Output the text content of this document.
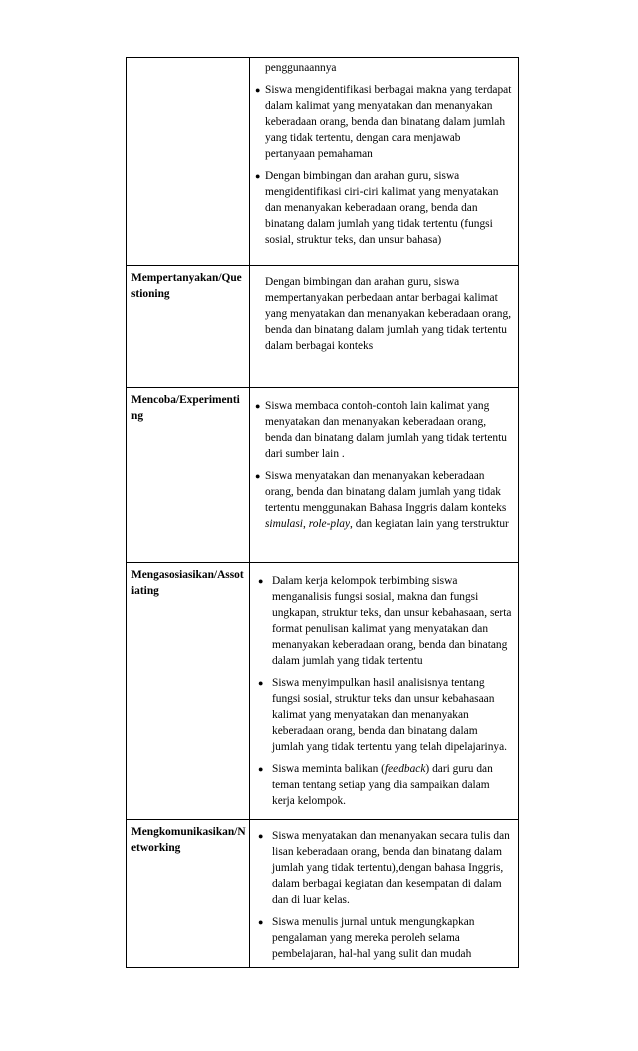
penggunaannya
● Siswa mengidentifikasi berbagai makna yang terdapat dalam kalimat yang menyatakan dan menanyakan keberadaan orang, benda dan binatang dalam jumlah yang tidak tertentu, dengan cara menjawab pertanyaan pemahaman
● Dengan bimbingan dan arahan guru, siswa mengidentifikasi ciri-ciri kalimat yang menyatakan dan menanyakan keberadaan orang, benda dan binatang dalam jumlah yang tidak tertentu (fungsi sosial, struktur teks, dan unsur bahasa)
Mempertanyakan/Questioning
Dengan bimbingan dan arahan guru, siswa mempertanyakan perbedaan antar berbagai kalimat yang menyatakan dan menanyakan keberadaan orang, benda dan binatang dalam jumlah yang tidak tertentu dalam berbagai konteks
Mencoba/Experimenting
● Siswa membaca contoh-contoh lain kalimat yang menyatakan dan menanyakan keberadaan orang, benda dan binatang dalam jumlah yang tidak tertentu dari sumber lain .
● Siswa menyatakan dan menanyakan keberadaan orang, benda dan binatang dalam jumlah yang tidak tertentu menggunakan Bahasa Inggris dalam konteks simulasi, role-play, dan kegiatan lain yang terstruktur
Mengasosiasikan/Assotiating
● Dalam kerja kelompok terbimbing siswa menganalisis fungsi sosial, makna dan fungsi ungkapan, struktur teks, dan unsur kebahasaan, serta format penulisan kalimat yang menyatakan dan menanyakan keberadaan orang, benda dan binatang dalam jumlah yang tidak tertentu
● Siswa menyimpulkan hasil analisisnya tentang fungsi sosial, struktur teks dan unsur kebahasaan kalimat yang menyatakan dan menanyakan keberadaan orang, benda dan binatang dalam jumlah yang tidak tertentu yang telah dipelajarinya.
● Siswa meminta balikan (feedback) dari guru dan teman tentang setiap yang dia sampaikan dalam kerja kelompok.
Mengkomunikasikan/Networking
● Siswa menyatakan dan menanyakan secara tulis dan lisan keberadaan orang, benda dan binatang dalam jumlah yang tidak tertentu),dengan bahasa Inggris, dalam berbagai kegiatan dan kesempatan di dalam dan di luar kelas.
● Siswa menulis jurnal untuk mengungkapkan pengalaman yang mereka peroleh selama pembelajaran, hal-hal yang sulit dan mudah
